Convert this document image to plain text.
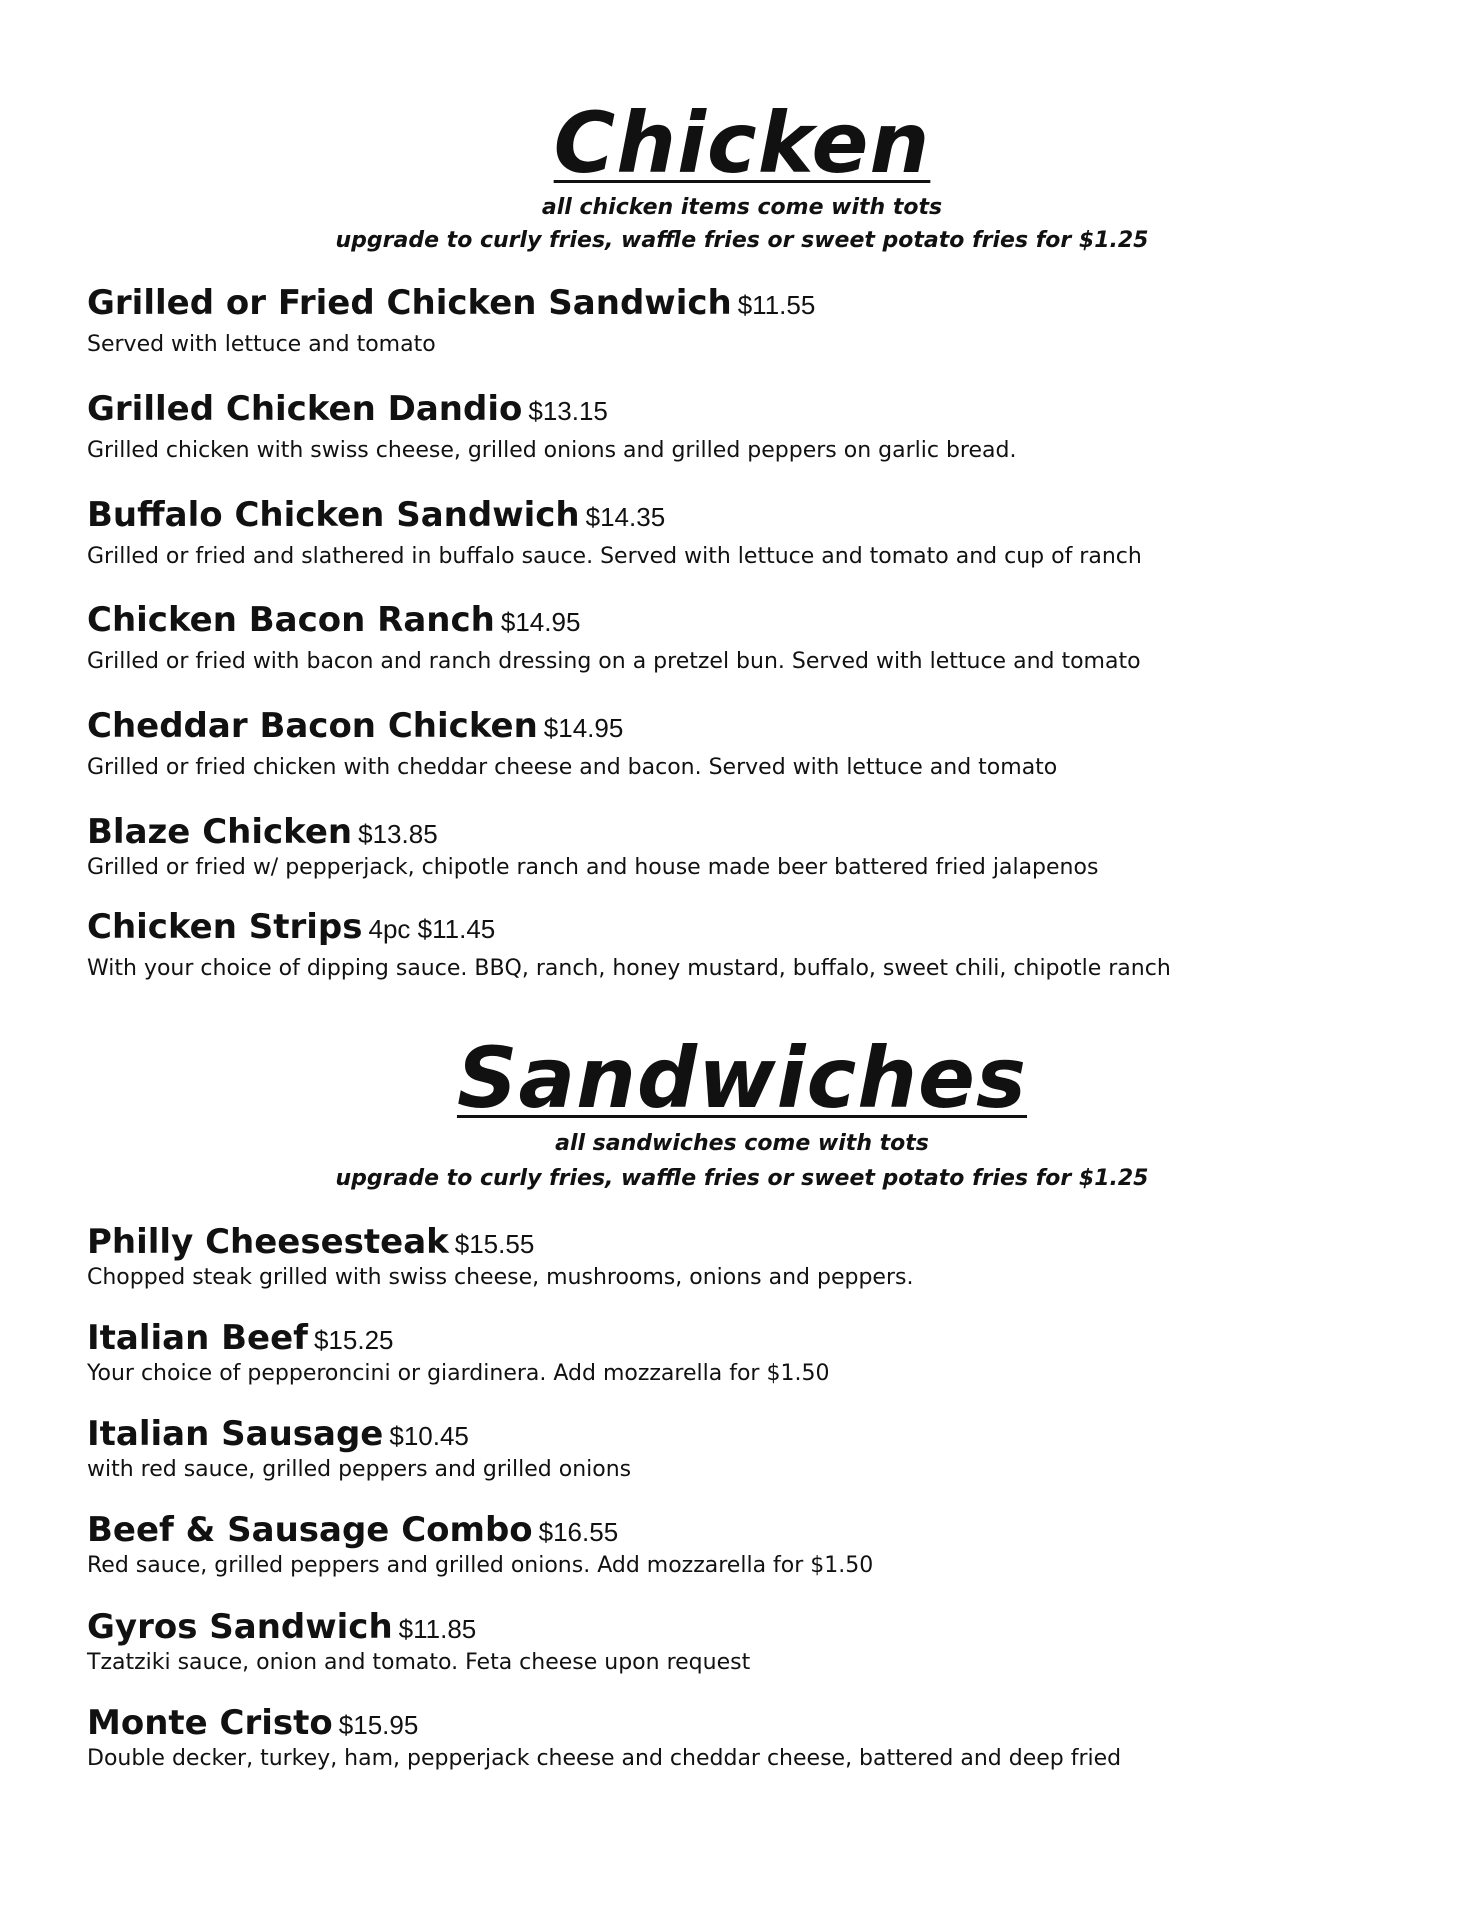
Chicken

all chicken items come with tots

upgrade to curly fries, waffle fries or sweet potato fries for $1.25

Grilled or Fried Chicken Sandwich $11.55
Served with lettuce and tomato
Grilled Chicken Dandio $13.15
Grilled chicken with swiss cheese, grilled onions and grilled peppers on garlic bread.
Buffalo Chicken Sandwich $14.35
Grilled or fried and slathered in buffalo sauce. Served with lettuce and tomato and cup of ranch
Chicken Bacon Ranch $14.95
Grilled or fried with bacon and ranch dressing on a pretzel bun. Served with lettuce and tomato
Cheddar Bacon Chicken $14.95
Grilled or fried chicken with cheddar cheese and bacon. Served with lettuce and tomato
Blaze Chicken $13.85
Grilled or fried w/ pepperjack, chipotle ranch and house made beer battered fried jalapenos
Chicken Strips 4pc $11.45
With your choice of dipping sauce. BBQ, ranch, honey mustard, buffalo, sweet chili, chipotle ranch
Sandwiches

all sandwiches come with tots

upgrade to curly fries, waffle fries or sweet potato fries for $1.25

Philly Cheesesteak $15.55
Chopped steak grilled with swiss cheese, mushrooms, onions and peppers.
Italian Beef $15.25
Your choice of pepperoncini or giardinera. Add mozzarella for $1.50
Italian Sausage $10.45
with red sauce, grilled peppers and grilled onions
Beef & Sausage Combo $16.55
Red sauce, grilled peppers and grilled onions. Add mozzarella for $1.50
Gyros Sandwich $11.85
Tzatziki sauce, onion and tomato. Feta cheese upon request
Monte Cristo $15.95
Double decker, turkey, ham, pepperjack cheese and cheddar cheese, battered and deep fried
